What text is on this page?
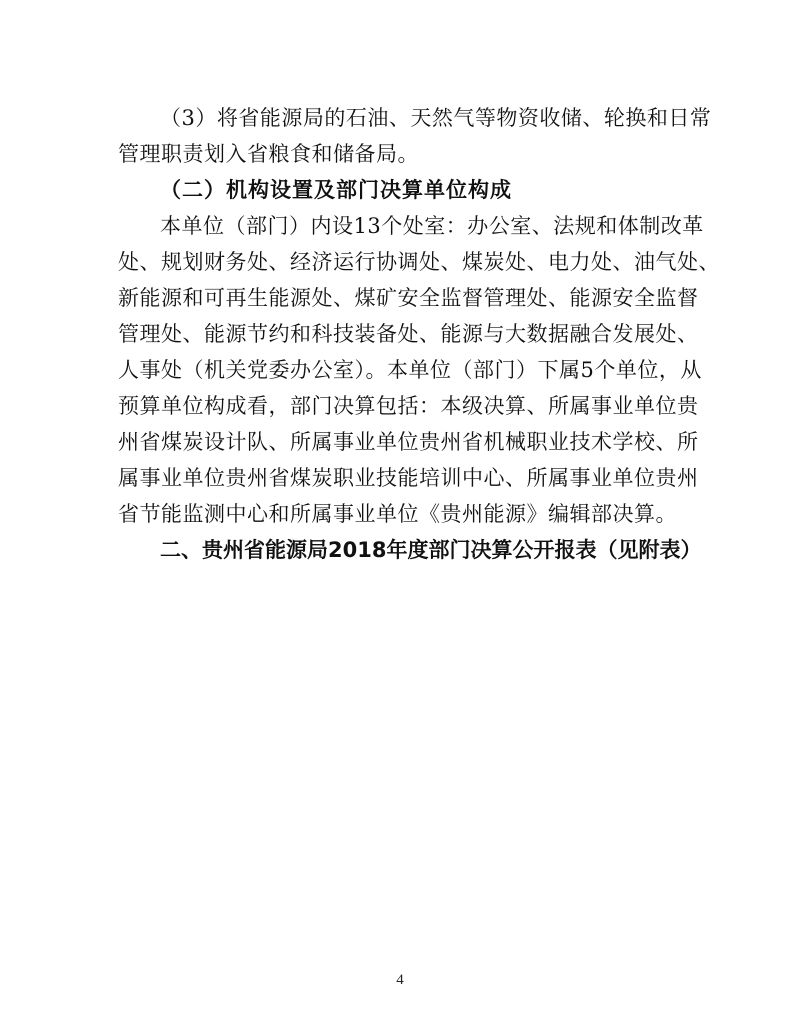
（3）将省能源局的石油、天然气等物资收储、轮换和日常
管理职责划入省粮食和储备局。
（二）机构设置及部门决算单位构成
本单位（部门）内设13个处室：办公室、法规和体制改革
处、规划财务处、经济运行协调处、煤炭处、电力处、油气处、
新能源和可再生能源处、煤矿安全监督管理处、能源安全监督
管理处、能源节约和科技装备处、能源与大数据融合发展处、
人事处（机关党委办公室）。本单位（部门）下属5个单位，从
预算单位构成看，部门决算包括：本级决算、所属事业单位贵
州省煤炭设计队、所属事业单位贵州省机械职业技术学校、所
属事业单位贵州省煤炭职业技能培训中心、所属事业单位贵州
省节能监测中心和所属事业单位《贵州能源》编辑部决算。
二、贵州省能源局2018年度部门决算公开报表（见附表）
4
